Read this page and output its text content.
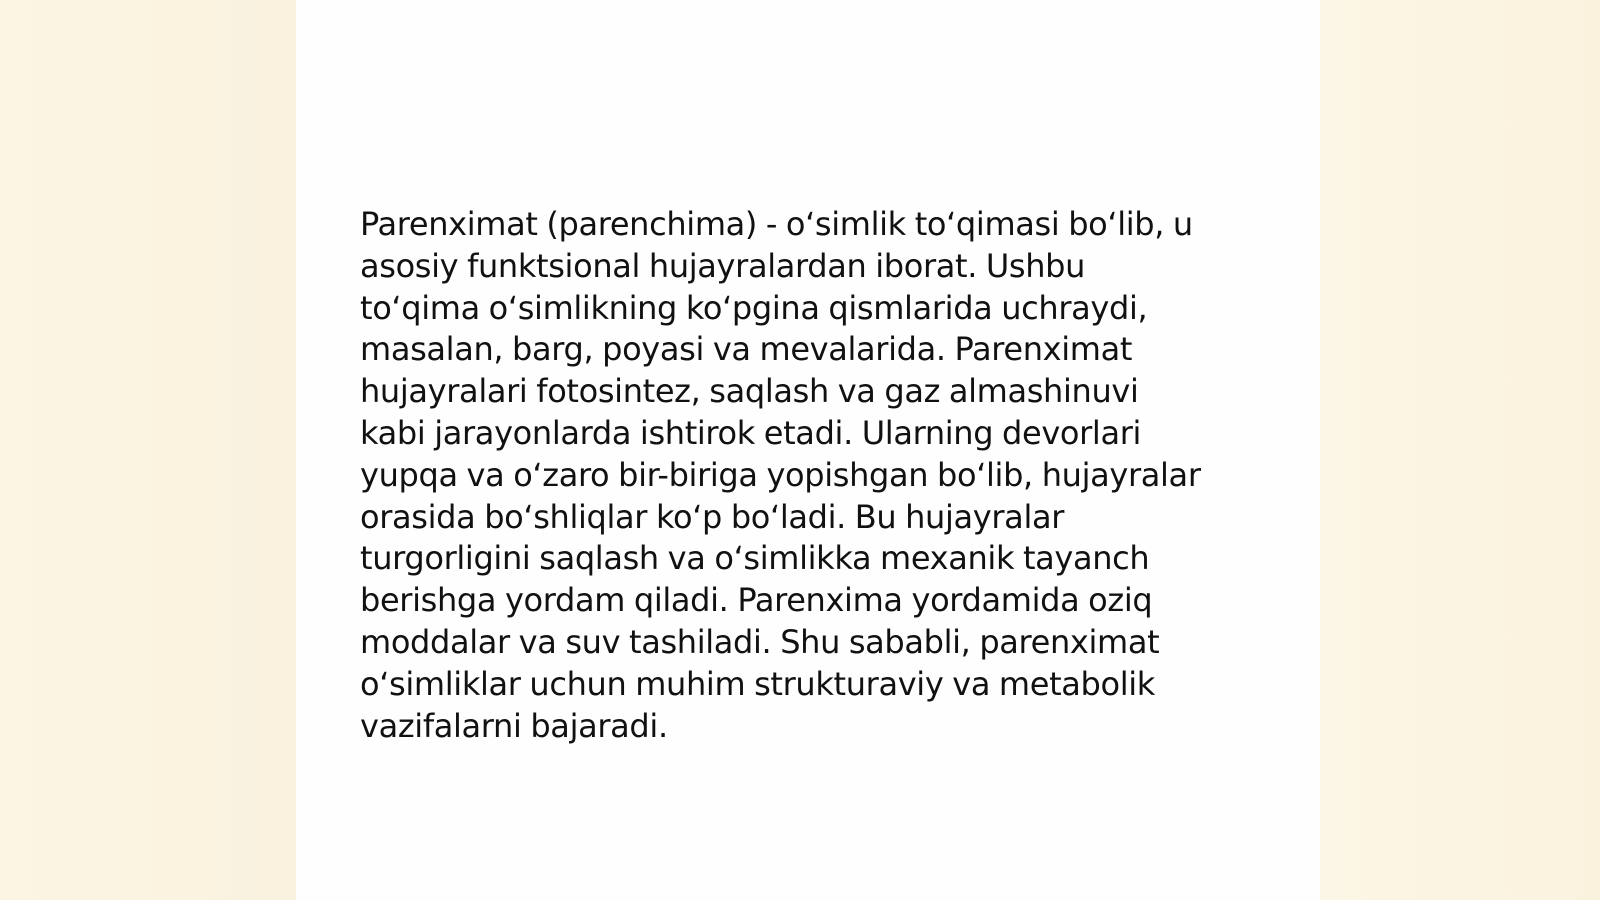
Parenximat (parenchima) - o‘simlik to‘qimasi bo‘lib, u
asosiy funktsional hujayralardan iborat. Ushbu
to‘qima o‘simlikning ko‘pgina qismlarida uchraydi,
masalan, barg, poyasi va mevalarida. Parenximat
hujayralari fotosintez, saqlash va gaz almashinuvi
kabi jarayonlarda ishtirok etadi. Ularning devorlari
yupqa va o‘zaro bir-biriga yopishgan bo‘lib, hujayralar
orasida bo‘shliqlar ko‘p bo‘ladi. Bu hujayralar
turgorligini saqlash va o‘simlikka mexanik tayanch
berishga yordam qiladi. Parenxima yordamida oziq
moddalar va suv tashiladi. Shu sababli, parenximat
o‘simliklar uchun muhim strukturaviy va metabolik
vazifalarni bajaradi.
